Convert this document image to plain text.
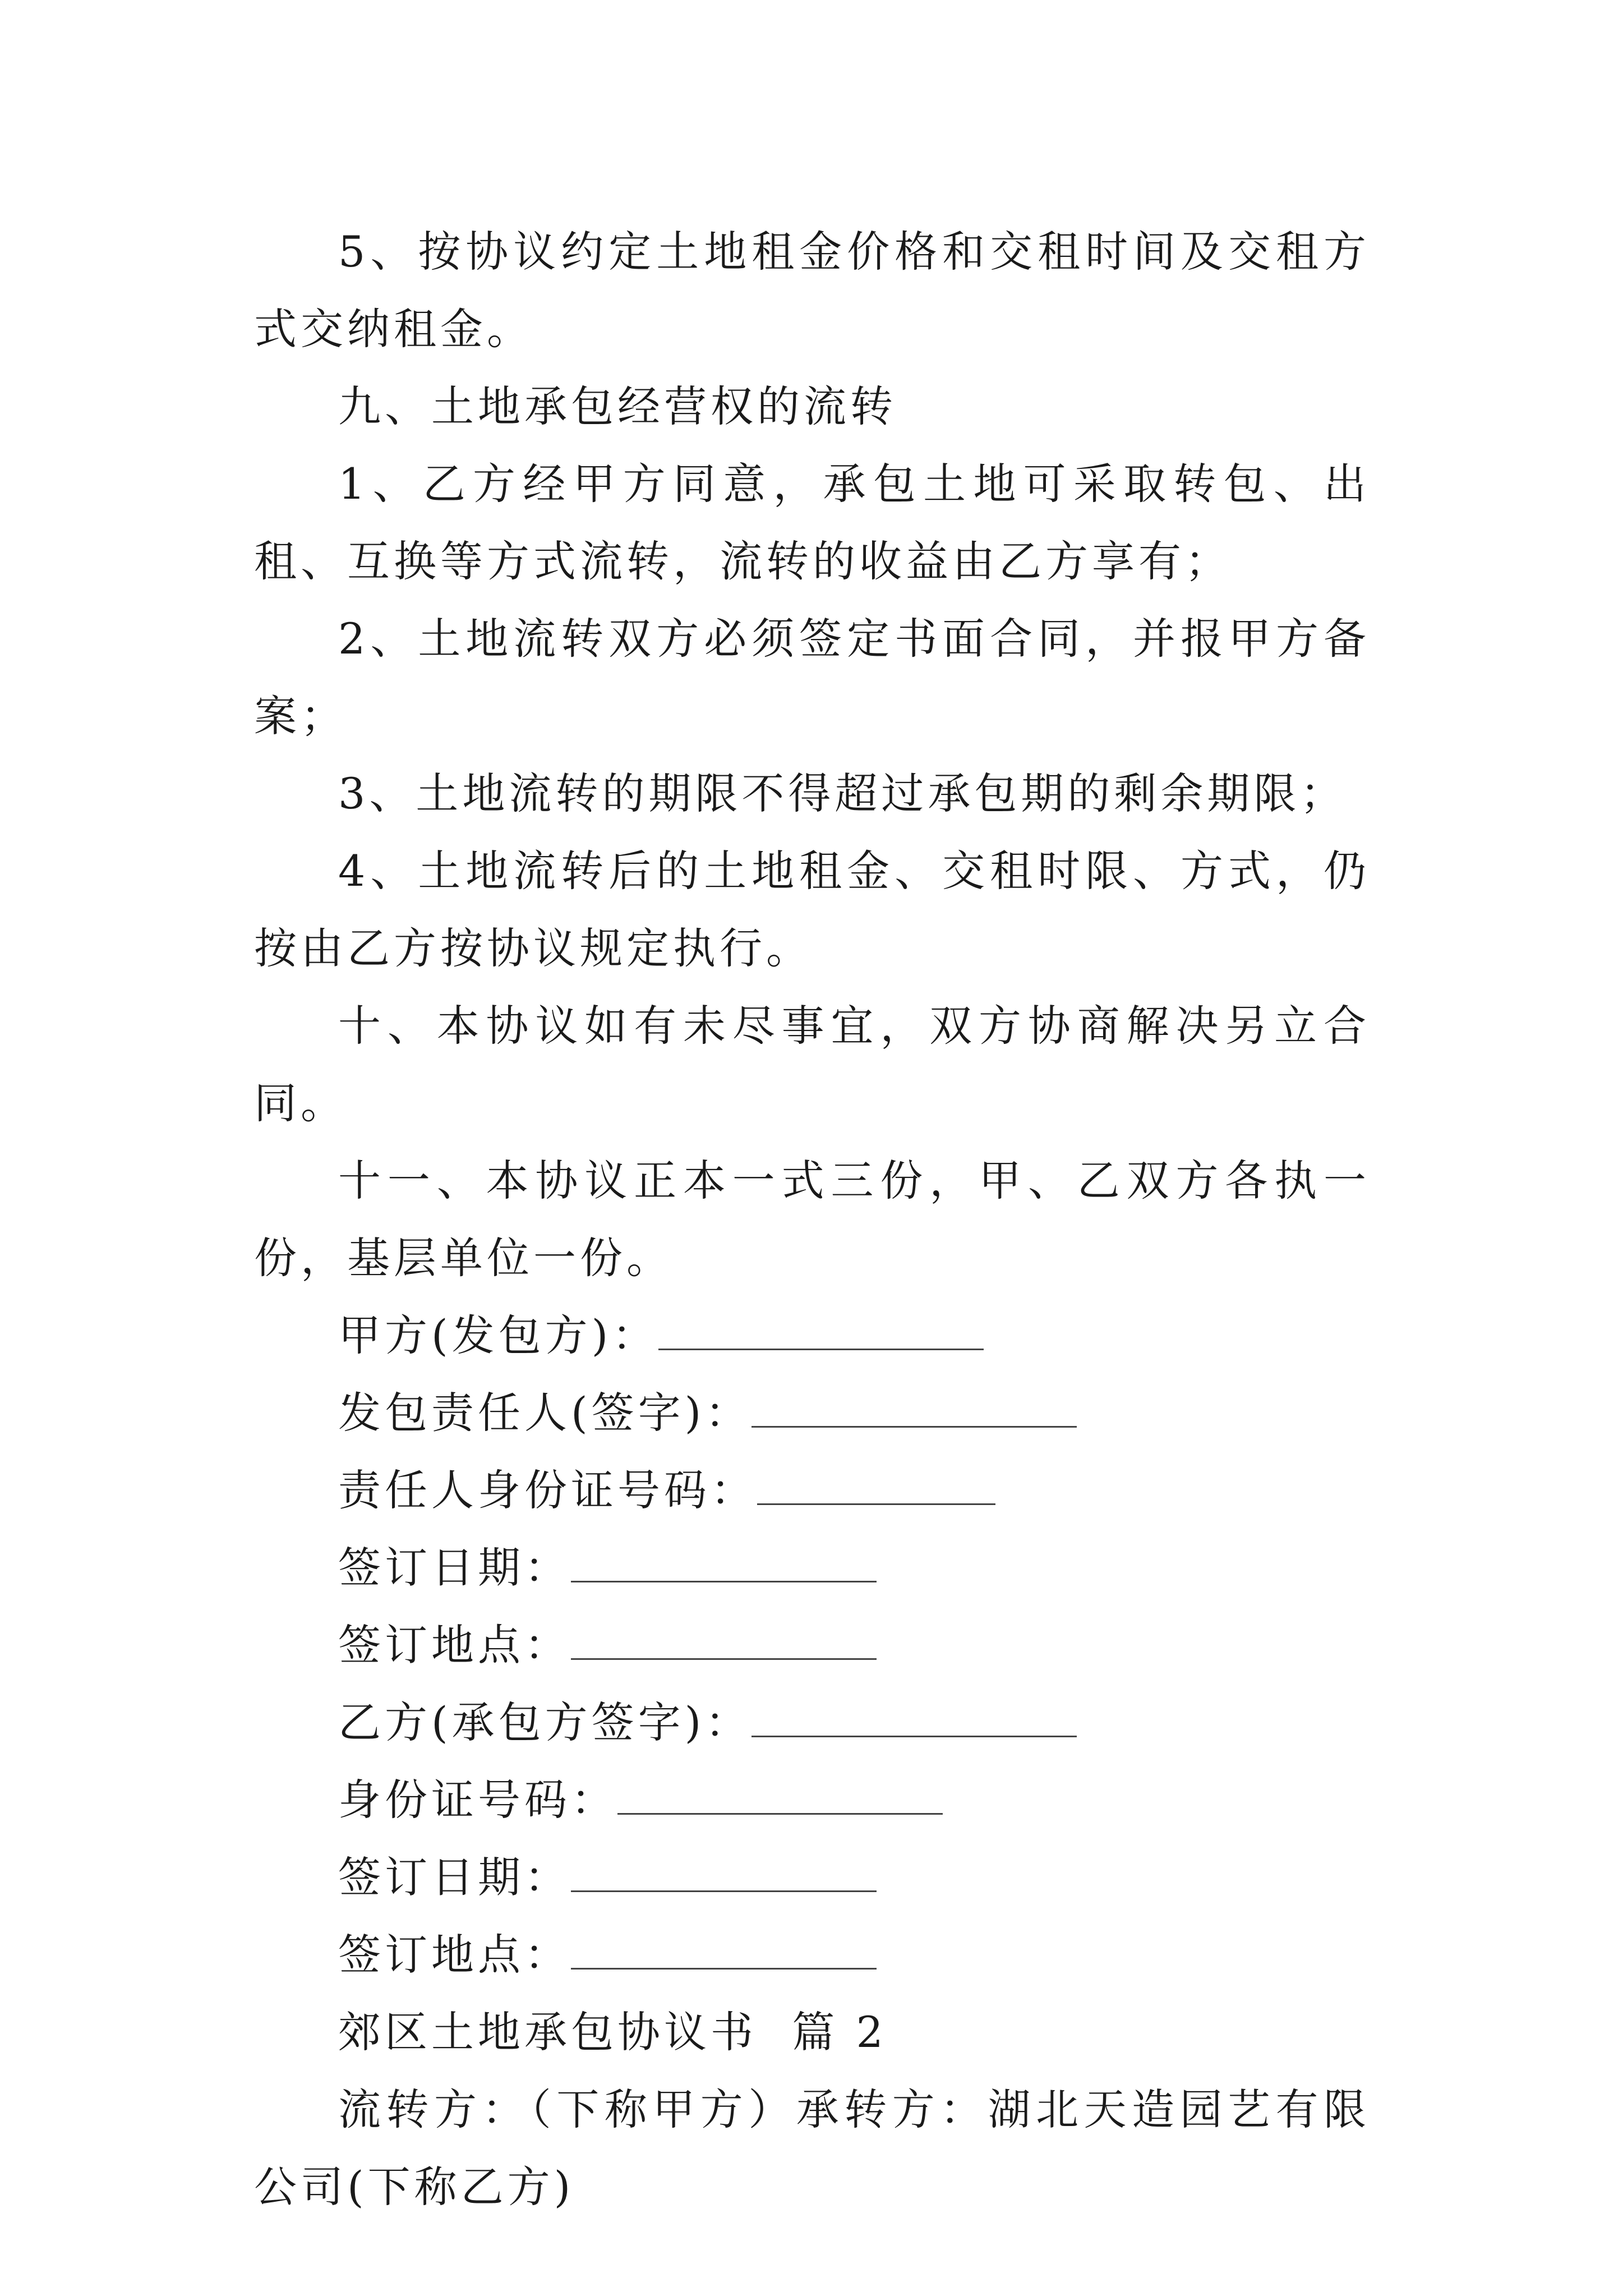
5、按协议约定土地租金价格和交租时间及交租方式交纳租金。

九、土地承包经营权的流转

1、乙方经甲方同意，承包土地可采取转包、出租、互换等方式流转，流转的收益由乙方享有；

2、土地流转双方必须签定书面合同，并报甲方备案；

3、土地流转的期限不得超过承包期的剩余期限；

4、土地流转后的土地租金、交租时限、方式，仍按由乙方按协议规定执行。

十、本协议如有未尽事宜，双方协商解决另立合同。

十一、本协议正本一式三份，甲、乙双方各执一份，基层单位一份。

甲方(发包方)：
发包责任人(签字)：
责任人身份证号码：
签订日期：
签订地点：
乙方(承包方签字)：
身份证号码：
签订日期：
签订地点：

郊区土地承包协议书  篇 2

流转方：（下称甲方）承转方：湖北天造园艺有限公司(下称乙方)
